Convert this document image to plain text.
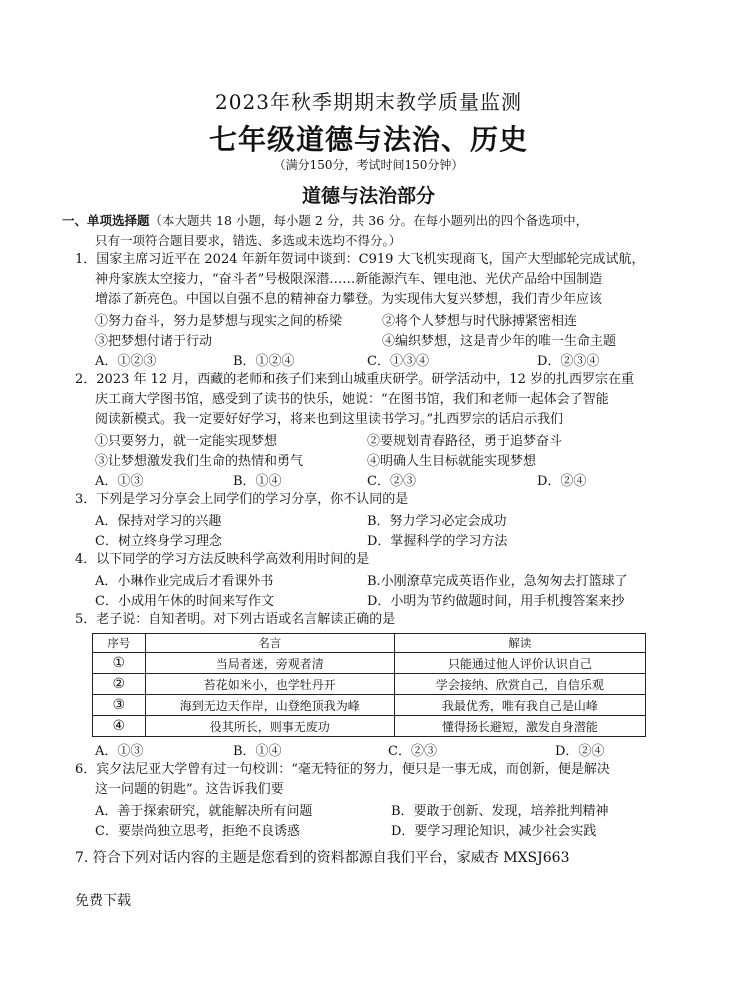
2023年秋季期期末教学质量监测
七年级道德与法治、历史
（满分150分，考试时间150分钟）
道德与法治部分
一、单项选择题（本大题共 18 小题，每小题 2 分，共 36 分。在每小题列出的四个备选项中，
只有一项符合题目要求，错选、多选或未选均不得分。）
1．国家主席习近平在 2024 年新年贺词中谈到：C919 大飞机实现商飞，国产大型邮轮完成试航，
神舟家族太空接力，“奋斗者”号极限深潜……新能源汽车、锂电池、光伏产品给中国制造
增添了新亮色。中国以自强不息的精神奋力攀登。为实现伟大复兴梦想，我们青少年应该
①努力奋斗，努力是梦想与现实之间的桥梁	②将个人梦想与时代脉搏紧密相连
③把梦想付诸于行动	④编织梦想，这是青少年的唯一生命主题
A．①②③	B．①②④	C．①③④	D．②③④
2．2023 年 12 月，西藏的老师和孩子们来到山城重庆研学。研学活动中，12 岁的扎西罗宗在重
庆工商大学图书馆，感受到了读书的快乐，她说：“在图书馆，我们和老师一起体会了智能
阅读新模式。我一定要好好学习，将来也到这里读书学习。”扎西罗宗的话启示我们
①只要努力，就一定能实现梦想	②要规划青春路径，勇于追梦奋斗
③让梦想激发我们生命的热情和勇气	④明确人生目标就能实现梦想
A．①③	B．①④	C．②③	D．②④
3．下列是学习分享会上同学们的学习分享，你不认同的是
A．保持对学习的兴趣	B．努力学习必定会成功
C．树立终身学习理念	D．掌握科学的学习方法
4．以下同学的学习方法反映科学高效利用时间的是
A．小琳作业完成后才看课外书	B.小刚潦草完成英语作业，急匆匆去打篮球了
C．小成用午休的时间来写作文	D．小明为节约做题时间，用手机搜答案来抄
5．老子说：自知者明。对下列古语或名言解读正确的是
序号	名言	解读
①	当局者迷，旁观者清	只能通过他人评价认识自己
②	苔花如米小，也学牡丹开	学会接纳、欣赏自己，自信乐观
③	海到无边天作岸，山登绝顶我为峰	我最优秀，唯有我自己是山峰
④	役其所长，则事无废功	懂得扬长避短，激发自身潜能
A．①③	B．①④	C．②③	D．②④
6．宾夕法尼亚大学曾有过一句校训：“毫无特征的努力，便只是一事无成，而创新，便是解决
这一问题的钥匙”。这告诉我们要
A．善于探索研究，就能解决所有问题	B．要敢于创新、发现，培养批判精神
C．要崇尚独立思考，拒绝不良诱惑	D．要学习理论知识，减少社会实践
7. 符合下列对话内容的主题是您看到的资料都源自我们平台，家威杏 MXSJ663
免费下载
